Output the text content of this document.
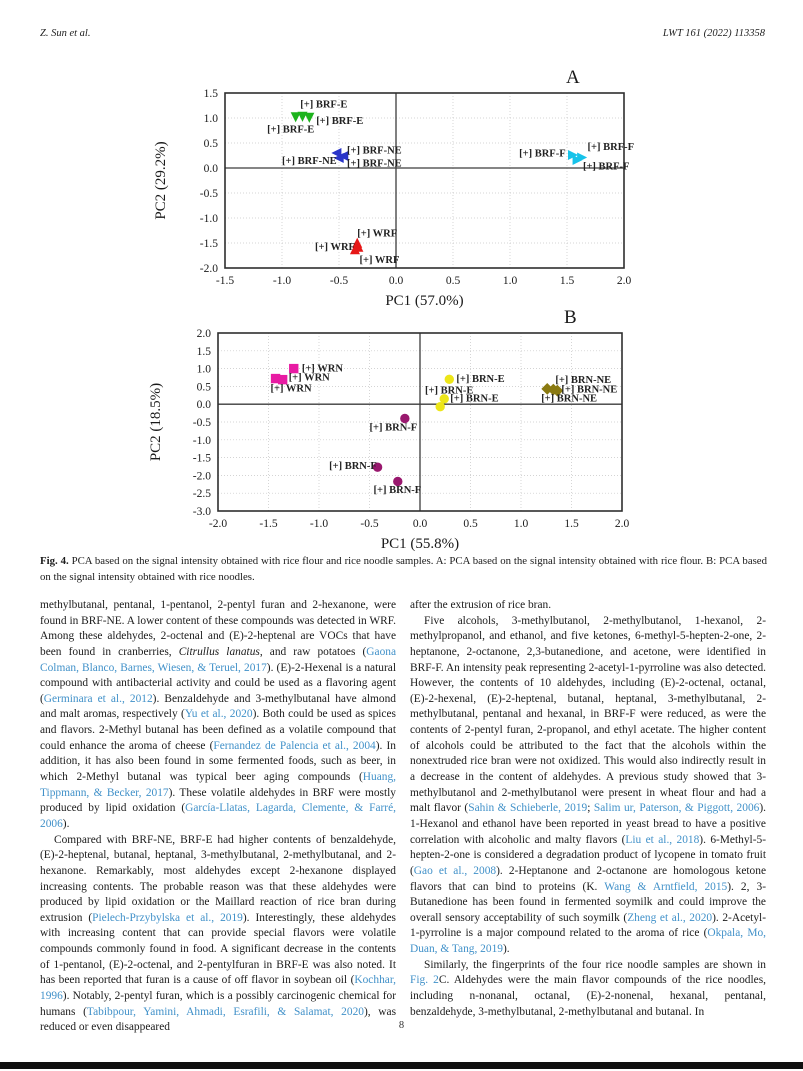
Z. Sun et al.	LWT 161 (2022) 113358
-1.5	-1.0	-0.5	0.0	0.5	1.0	1.5	2.0
-2.0
-1.5
-1.0
-0.5
0.0
0.5
1.0
1.5
PC1 (57.0%)
PC2 (29.2%)
A
[+] BRF-E
[+] BRF-E
[+] BRF-E
[+] BRF-NE
[+] BRF-NE [+] BRF-NE
[+] BRF-F
[+] BRF-F
[+] BRF-F
[+] WRF
[+] WRF
[+] WRF
-2.0	-1.5	-1.0	-0.5	0.0	0.5	1.0	1.5	2.0
-3.0
-2.5
-2.0
-1.5
-1.0
-0.5
0.0
0.5
1.0
1.5
2.0
PC1 (55.8%)
PC2 (18.5%)
B
[+] WRN
[+] WRN
[+] WRN
[+] BRN-E
[+] BRN-E
[+] BRN-E
[+] BRN-NE
[+] BRN-NE
[+] BRN-NE
[+] BRN-F
[+] BRN-F
[+] BRN-F
Fig. 4. PCA based on the signal intensity obtained with rice flour and rice noodle samples. A: PCA based on the signal intensity obtained with rice flour. B: PCA based on the signal intensity obtained with rice noodles.

methylbutanal, pentanal, 1-pentanol, 2-pentyl furan and 2-hexanone, were found in BRF-NE. A lower content of these compounds was detected in WRF. Among these aldehydes, 2-octenal and (E)-2-heptenal are VOCs that have been found in cranberries, Citrullus lanatus, and raw potatoes (Gaona Colman, Blanco, Barnes, Wiesen, & Teruel, 2017). (E)-2-Hexenal is a natural compound with antibacterial activity and could be used as a flavoring agent (Germinara et al., 2012). Benzaldehyde and 3-methylbutanal have almond and malt aromas, respectively (Yu et al., 2020). Both could be used as spices and flavors. 2-Methyl butanal has been defined as a volatile compound that could enhance the aroma of cheese (Fernandez de Palencia et al., 2004). In addition, it has also been found in some fermented foods, such as beer, in which 2-Methyl butanal was typical beer aging compounds (Huang, Tippmann, & Becker, 2017). These volatile aldehydes in BRF were mostly produced by lipid oxidation (García-Llatas, Lagarda, Clemente, & Farré, 2006).

Compared with BRF-NE, BRF-E had higher contents of benzaldehyde, (E)-2-heptenal, butanal, heptanal, 3-methylbutanal, 2-methylbutanal, and 2-hexanone. Remarkably, most aldehydes except 2-hexanone displayed increasing contents. The probable reason was that these aldehydes were produced by lipid oxidation or the Maillard reaction of rice bran during extrusion (Pielech-Przybylska et al., 2019). Interestingly, these aldehydes with increasing content that can provide special flavors were volatile compounds commonly found in food. A significant decrease in the contents of 1-pentanol, (E)-2-octenal, and 2-pentylfuran in BRF-E was also noted. It has been reported that furan is a cause of off flavor in soybean oil (Kochhar, 1996). Notably, 2-pentyl furan, which is a possibly carcinogenic chemical for humans (Tabibpour, Yamini, Ahmadi, Esrafili, & Salamat, 2020), was reduced or even disappeared

after the extrusion of rice bran.

Five alcohols, 3-methylbutanol, 2-methylbutanol, 1-hexanol, 2-methylpropanol, and ethanol, and five ketones, 6-methyl-5-hepten-2-one, 2-heptanone, 2-octanone, 2,3-butanedione, and acetone, were identified in BRF-F. An intensity peak representing 2-acetyl-1-pyrroline was also detected. However, the contents of 10 aldehydes, including (E)-2-octenal, octanal, (E)-2-hexenal, (E)-2-heptenal, butanal, heptanal, 3-methylbutanal, 2-methylbutanal, pentanal and hexanal, in BRF-F were reduced, as were the contents of 2-pentyl furan, 2-propanol, and ethyl acetate. The higher content of alcohols could be attributed to the fact that the alcohols within the nonextruded rice bran were not oxidized. This would also indirectly result in a decrease in the content of aldehydes. A previous study showed that 3-methylbutanol and 2-methylbutanol were present in wheat flour and had a malt flavor (Sahin & Schieberle, 2019; Salim ur, Paterson, & Piggott, 2006). 1-Hexanol and ethanol have been reported in yeast bread to have a positive correlation with alcoholic and malty flavors (Liu et al., 2018). 6-Methyl-5-hepten-2-one is considered a degradation product of lycopene in tomato fruit (Gao et al., 2008). 2-Heptanone and 2-octanone are homologous ketone flavors that can bind to proteins (K. Wang & Arntfield, 2015). 2, 3-Butanedione has been found in fermented soymilk and could improve the overall sensory acceptability of such soymilk (Zheng et al., 2020). 2-Acetyl-1-pyrroline is a major compound related to the aroma of rice (Okpala, Mo, Duan, & Tang, 2019).

Similarly, the fingerprints of the four rice noodle samples are shown in Fig. 2C. Aldehydes were the main flavor compounds of the rice noodles, including n-nonanal, octanal, (E)-2-nonenal, hexanal, pentanal, benzaldehyde, 3-methylbutanal, 2-methylbutanal and butanal. In

8
